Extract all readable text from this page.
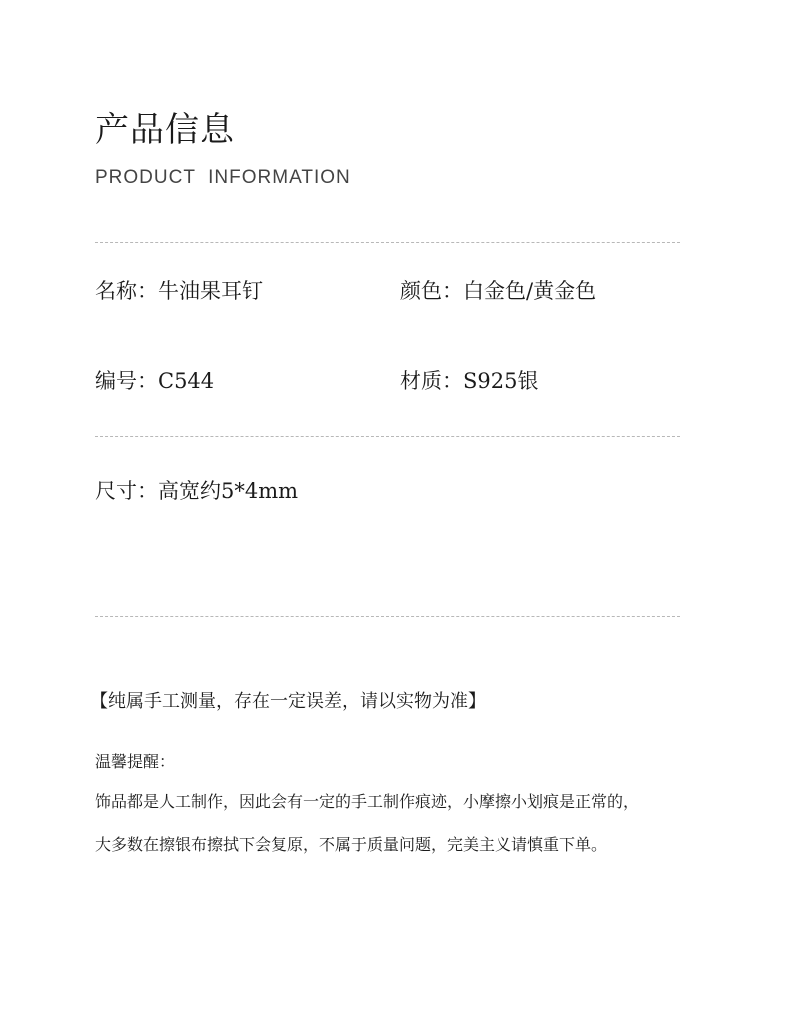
产品信息

PRODUCT  INFORMATION

名称：牛油果耳钉	颜色：白金色/黄金色
编号：C544	材质：S925银
尺寸：高宽约5*4mm
【纯属手工测量，存在一定误差，请以实物为准】
温馨提醒：
饰品都是人工制作，因此会有一定的手工制作痕迹，小摩擦小划痕是正常的，
大多数在擦银布擦拭下会复原，不属于质量问题，完美主义请慎重下单。
